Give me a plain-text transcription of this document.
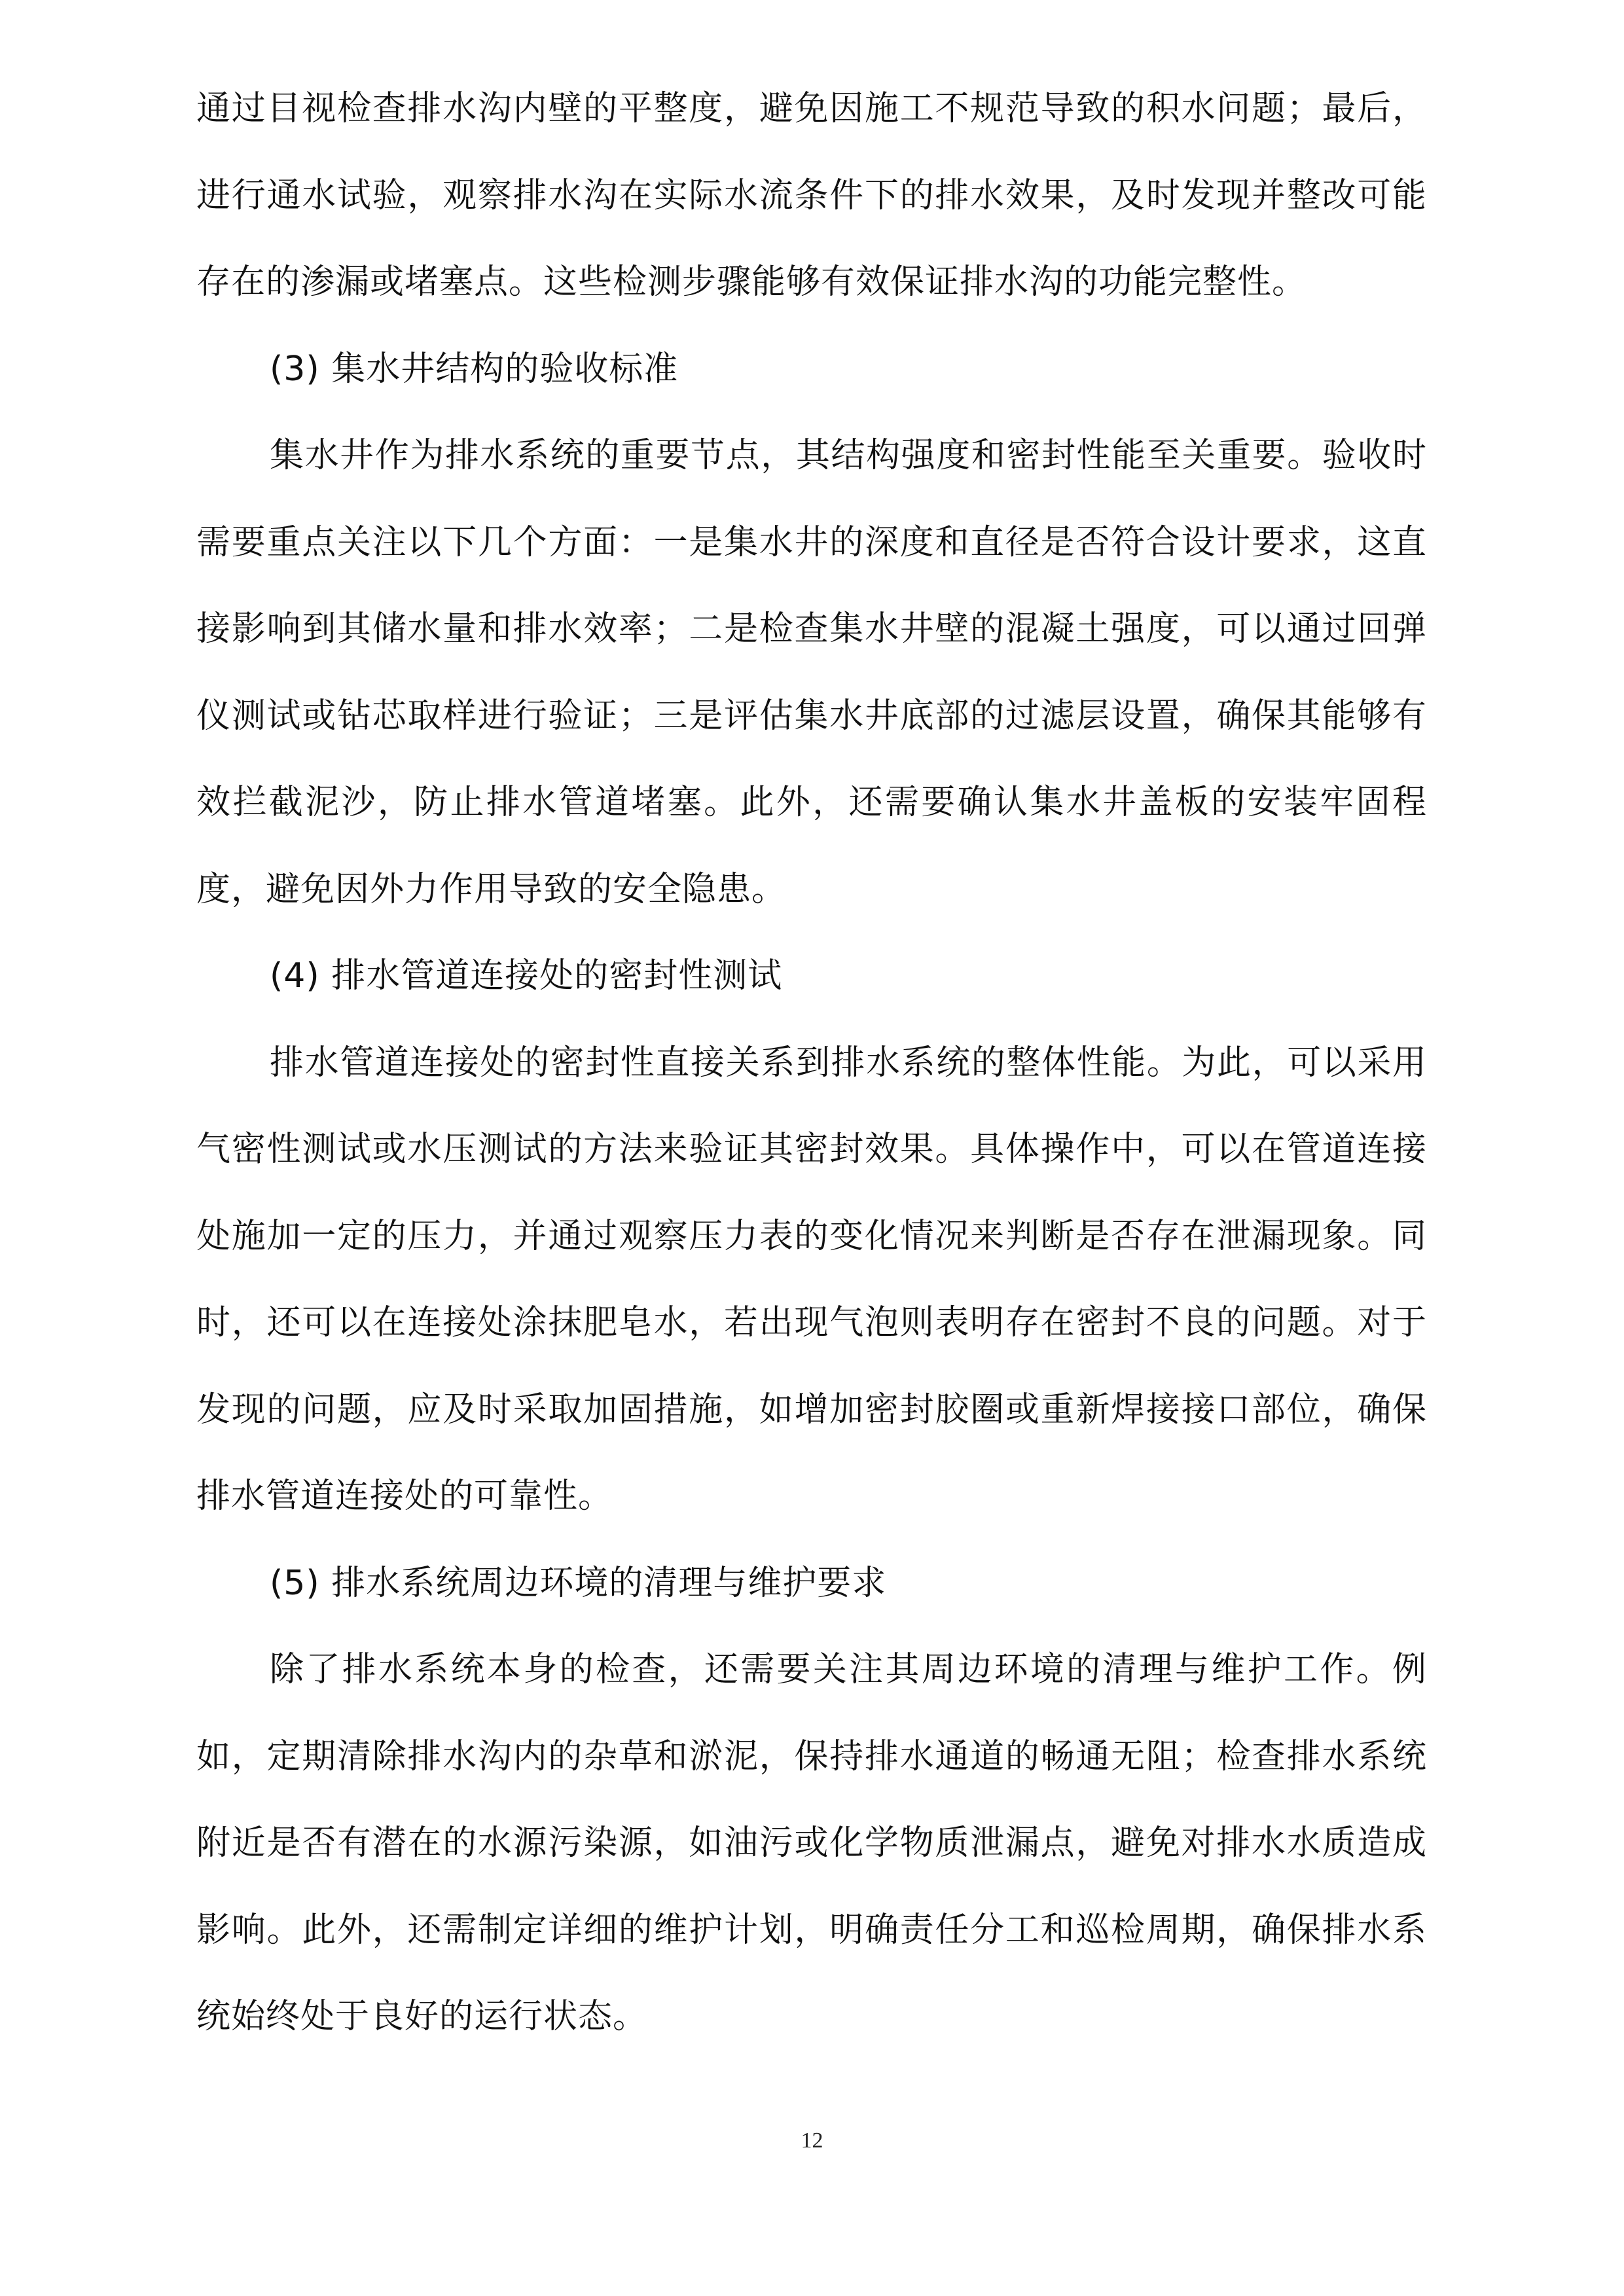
通过目视检查排水沟内壁的平整度，避免因施工不规范导致的积水问题；最后，进行通水试验，观察排水沟在实际水流条件下的排水效果，及时发现并整改可能存在的渗漏或堵塞点。这些检测步骤能够有效保证排水沟的功能完整性。

(3) 集水井结构的验收标准

集水井作为排水系统的重要节点，其结构强度和密封性能至关重要。验收时需要重点关注以下几个方面：一是集水井的深度和直径是否符合设计要求，这直接影响到其储水量和排水效率；二是检查集水井壁的混凝土强度，可以通过回弹仪测试或钻芯取样进行验证；三是评估集水井底部的过滤层设置，确保其能够有效拦截泥沙，防止排水管道堵塞。此外，还需要确认集水井盖板的安装牢固程度，避免因外力作用导致的安全隐患。

(4) 排水管道连接处的密封性测试

排水管道连接处的密封性直接关系到排水系统的整体性能。为此，可以采用气密性测试或水压测试的方法来验证其密封效果。具体操作中，可以在管道连接处施加一定的压力，并通过观察压力表的变化情况来判断是否存在泄漏现象。同时，还可以在连接处涂抹肥皂水，若出现气泡则表明存在密封不良的问题。对于发现的问题，应及时采取加固措施，如增加密封胶圈或重新焊接接口部位，确保排水管道连接处的可靠性。

(5) 排水系统周边环境的清理与维护要求

除了排水系统本身的检查，还需要关注其周边环境的清理与维护工作。例如，定期清除排水沟内的杂草和淤泥，保持排水通道的畅通无阻；检查排水系统附近是否有潜在的水源污染源，如油污或化学物质泄漏点，避免对排水水质造成影响。此外，还需制定详细的维护计划，明确责任分工和巡检周期，确保排水系统始终处于良好的运行状态。

12
